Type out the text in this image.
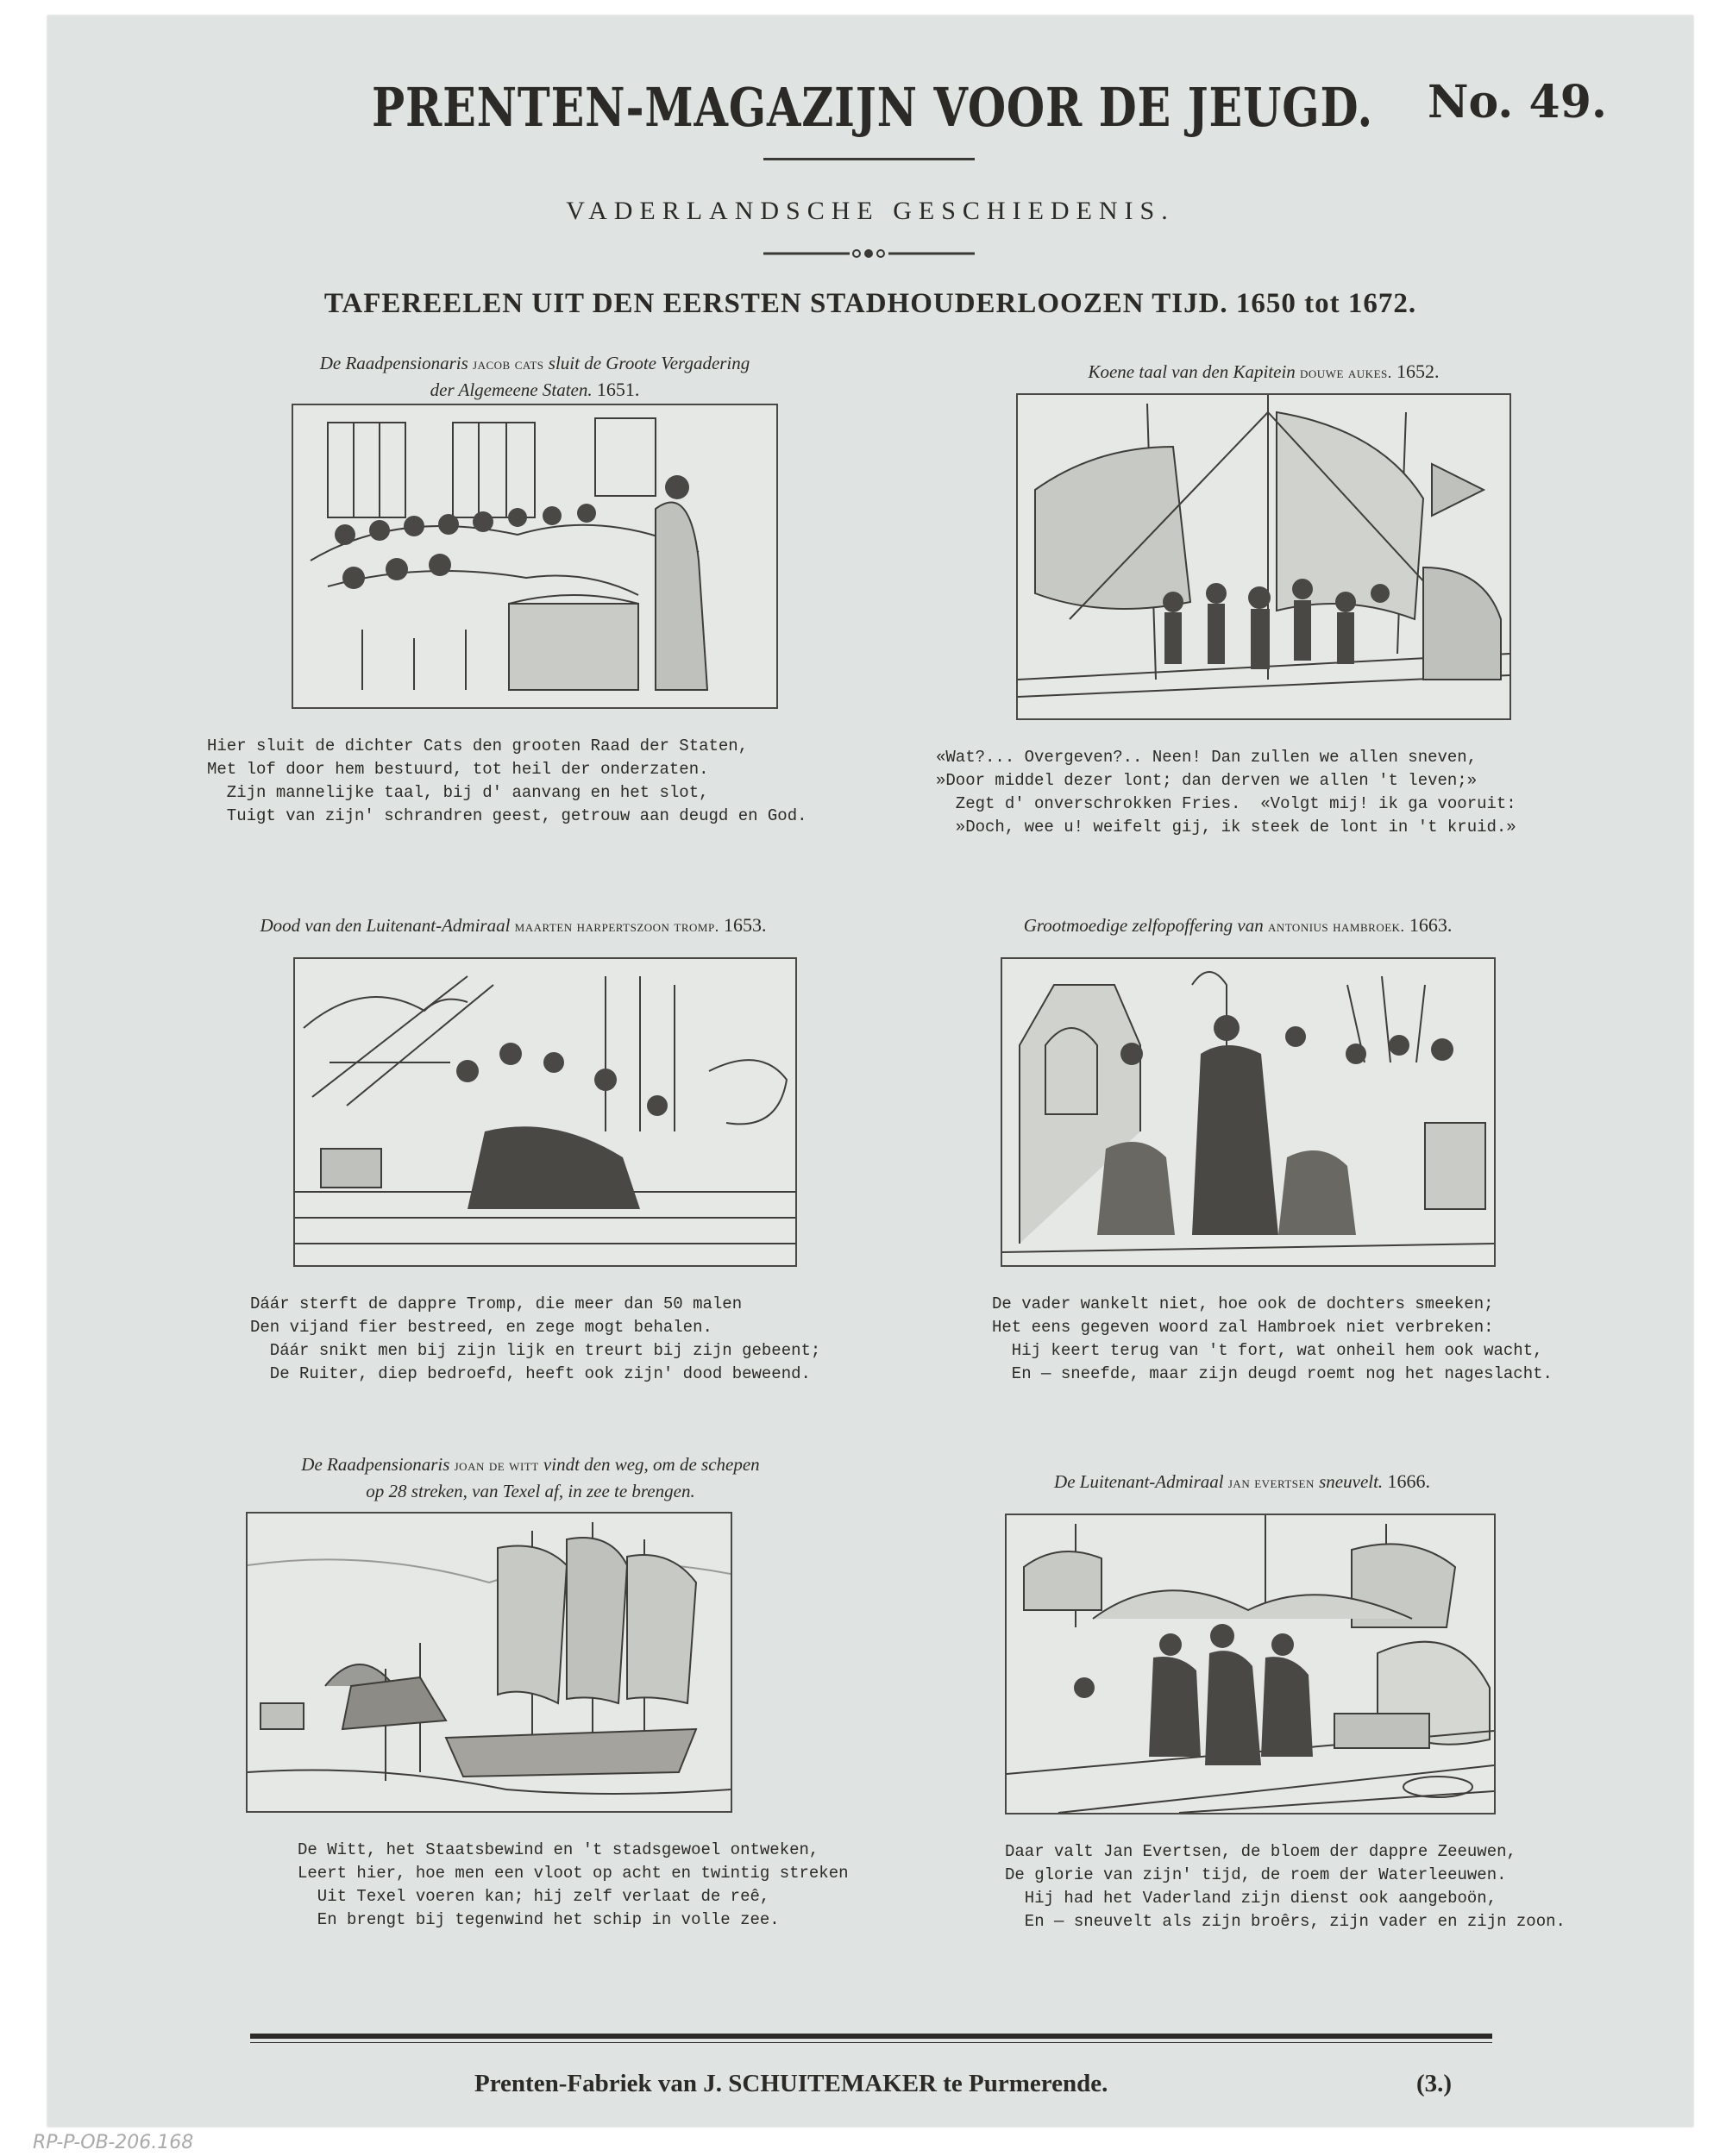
PRENTEN-MAGAZIJN VOOR DE JEUGD.	No. 49.
VADERLANDSCHE GESCHIEDENIS.
TAFEREELEN UIT DEN EERSTEN STADHOUDERLOOZEN TIJD. 1650 tot 1672.
De Raadpensionaris jacob cats sluit de Groote Vergadering
der Algemeene Staten. 1651.
Hier sluit de dichter Cats den grooten Raad der Staten,
Met lof door hem bestuurd, tot heil der onderzaten.
Zijn mannelijke taal, bij d' aanvang en het slot,
Tuigt van zijn' schrandren geest, getrouw aan deugd en God.
Koene taal van den Kapitein douwe aukes. 1652.
«Wat?... Overgeven?.. Neen! Dan zullen we allen sneven,
»Door middel dezer lont; dan derven we allen 't leven;»
Zegt d' onverschrokken Fries.  «Volgt mij! ik ga vooruit:
»Doch, wee u! weifelt gij, ik steek de lont in 't kruid.»
Dood van den Luitenant-Admiraal maarten harpertszoon tromp. 1653.
Dáár sterft de dappre Tromp, die meer dan 50 malen
Den vijand fier bestreed, en zege mogt behalen.
Dáár snikt men bij zijn lijk en treurt bij zijn gebeent;
De Ruiter, diep bedroefd, heeft ook zijn' dood beweend.
Grootmoedige zelfopoffering van antonius hambroek. 1663.
De vader wankelt niet, hoe ook de dochters smeeken;
Het eens gegeven woord zal Hambroek niet verbreken:
Hij keert terug van 't fort, wat onheil hem ook wacht,
En — sneefde, maar zijn deugd roemt nog het nageslacht.
De Raadpensionaris joan de witt vindt den weg, om de schepen
op 28 streken, van Texel af, in zee te brengen.
De Witt, het Staatsbewind en 't stadsgewoel ontweken,
Leert hier, hoe men een vloot op acht en twintig streken
Uit Texel voeren kan; hij zelf verlaat de reê,
En brengt bij tegenwind het schip in volle zee.
De Luitenant-Admiraal jan evertsen sneuvelt. 1666.
Daar valt Jan Evertsen, de bloem der dappre Zeeuwen,
De glorie van zijn' tijd, de roem der Waterleeuwen.
Hij had het Vaderland zijn dienst ook aangeboön,
En — sneuvelt als zijn broêrs, zijn vader en zijn zoon.
Prenten-Fabriek van J. SCHUITEMAKER te Purmerende.	(3.)
RP-P-OB-206.168
